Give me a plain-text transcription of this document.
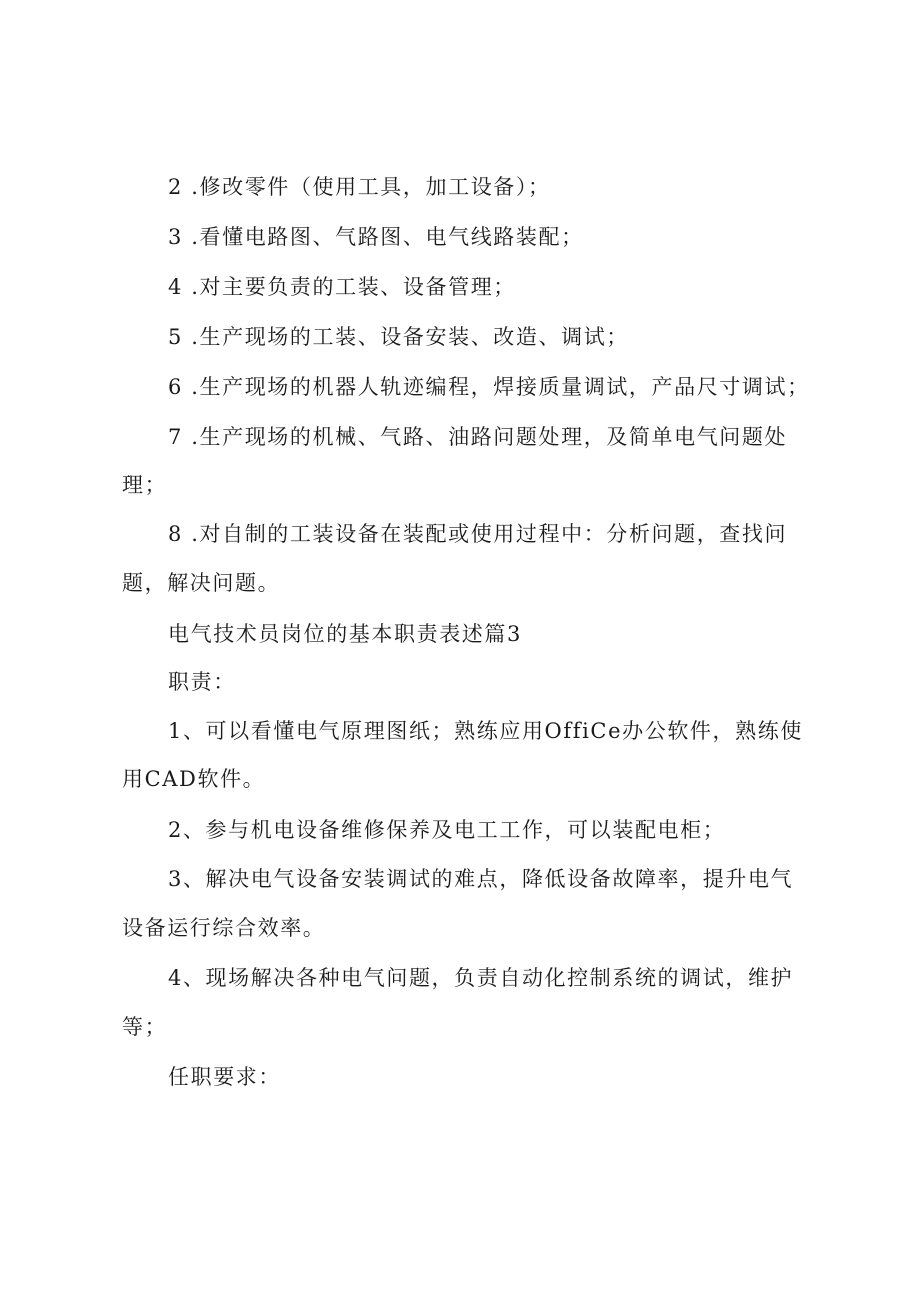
2 .修改零件（使用工具，加工设备）；
3 .看懂电路图、气路图、电气线路装配；
4 .对主要负责的工装、设备管理；
5 .生产现场的工装、设备安装、改造、调试；
6 .生产现场的机器人轨迹编程，焊接质量调试，产品尺寸调试；
7 .生产现场的机械、气路、油路问题处理，及简单电气问题处
理；
8 .对自制的工装设备在装配或使用过程中：分析问题，查找问
题，解决问题。
电气技术员岗位的基本职责表述篇3
职责：
1、可以看懂电气原理图纸；熟练应用OffiCe办公软件，熟练使
用CAD软件。
2、参与机电设备维修保养及电工工作，可以装配电柜；
3、解决电气设备安装调试的难点，降低设备故障率，提升电气
设备运行综合效率。
4、现场解决各种电气问题，负责自动化控制系统的调试，维护
等；
任职要求：
